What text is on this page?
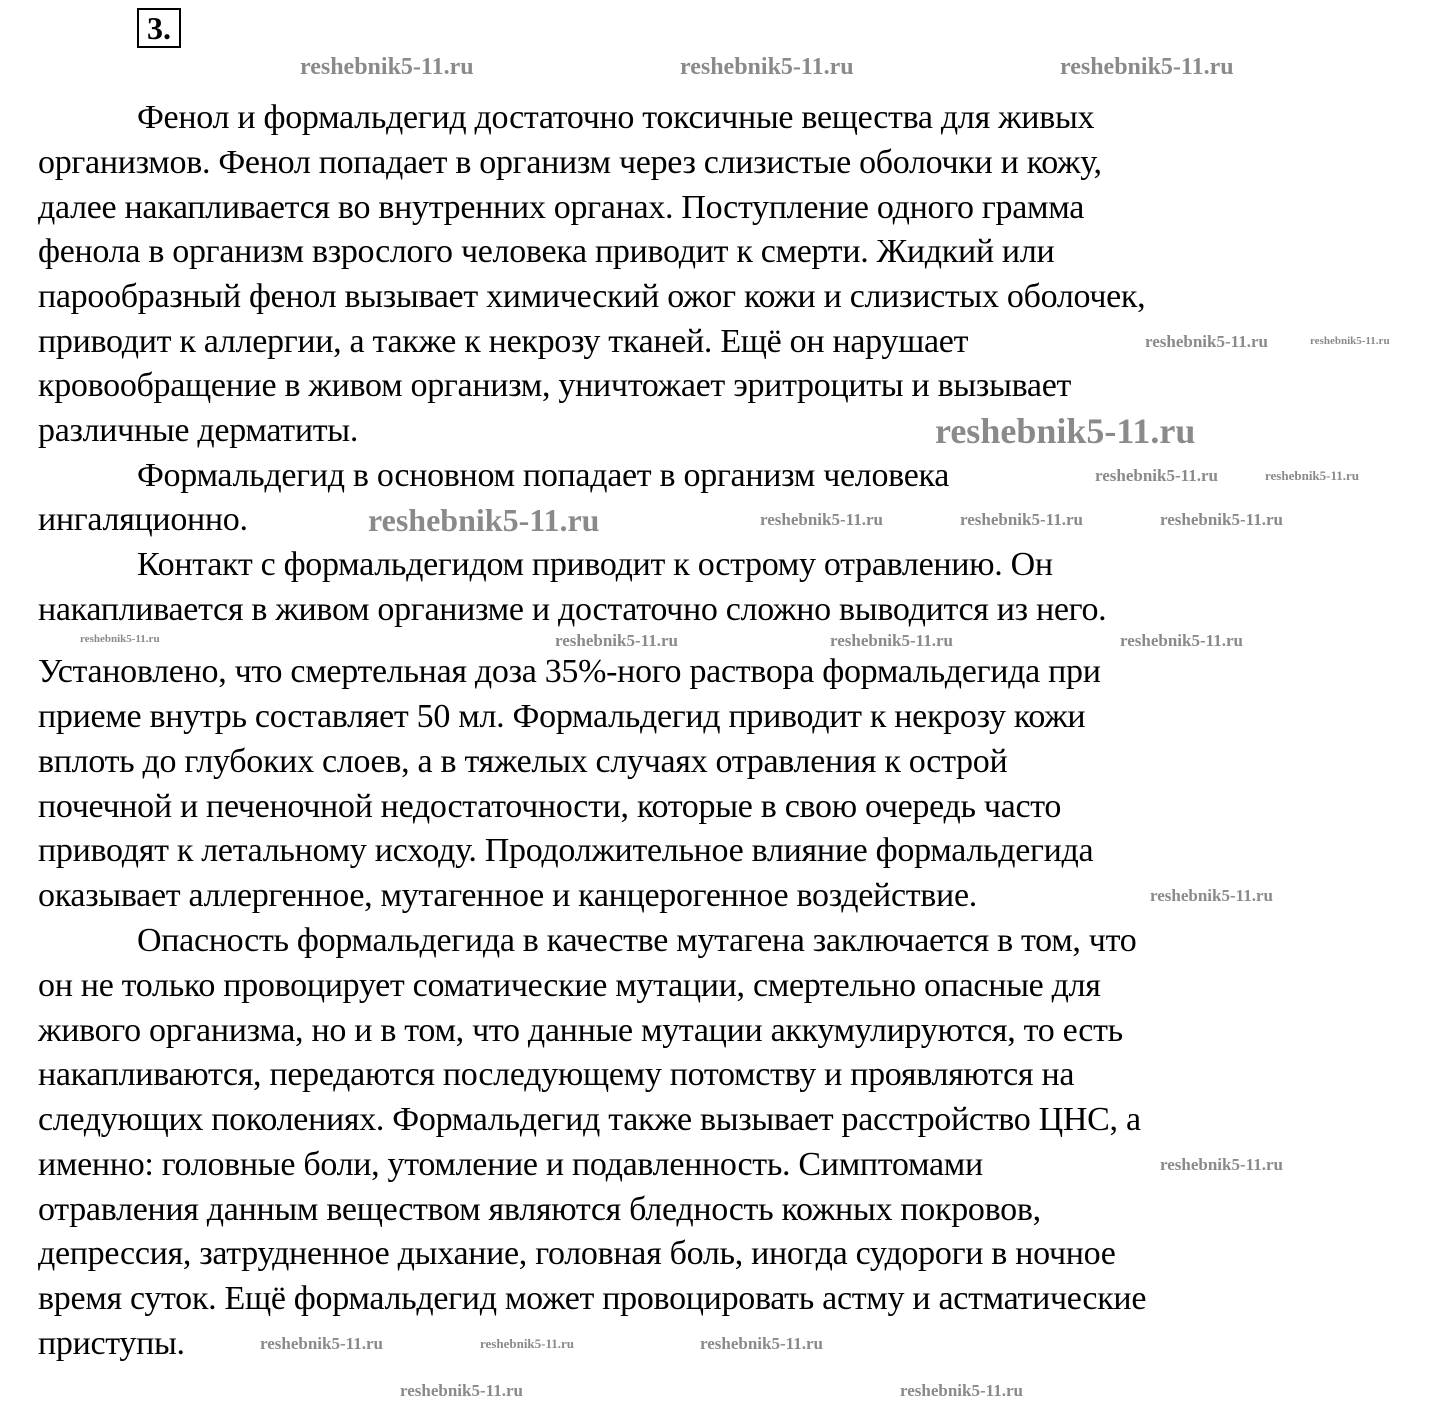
3.
Фенол и формальдегид достаточно токсичные вещества для живых
организмов. Фенол попадает в организм через слизистые оболочки и кожу,
далее накапливается во внутренних органах. Поступление одного грамма
фенола в организм взрослого человека приводит к смерти. Жидкий или
парообразный фенол вызывает химический ожог кожи и слизистых оболочек,
приводит к аллергии, а также к некрозу тканей. Ещё он нарушает
кровообращение в живом организм, уничтожает эритроциты и вызывает
различные дерматиты.
Формальдегид в основном попадает в организм человека
ингаляционно.
Контакт с формальдегидом приводит к острому отравлению. Он
накапливается в живом организме и достаточно сложно выводится из него.
Установлено, что смертельная доза 35%-ного раствора формальдегида при
приеме внутрь составляет 50 мл. Формальдегид приводит к некрозу кожи
вплоть до глубоких слоев, а в тяжелых случаях отравления к острой
почечной и печеночной недостаточности, которые в свою очередь часто
приводят к летальному исходу. Продолжительное влияние формальдегида
оказывает аллергенное, мутагенное и канцерогенное воздействие.
Опасность формальдегида в качестве мутагена заключается в том, что
он не только провоцирует соматические мутации, смертельно опасные для
живого организма, но и в том, что данные мутации аккумулируются, то есть
накапливаются, передаются последующему потомству и проявляются на
следующих поколениях. Формальдегид также вызывает расстройство ЦНС, а
именно: головные боли, утомление и подавленность. Симптомами
отравления данным веществом являются бледность кожных покровов,
депрессия, затрудненное дыхание, головная боль, иногда судороги в ночное
время суток. Ещё формальдегид может провоцировать астму и астматические
приступы.
reshebnik5-11.ru	reshebnik5-11.ru	reshebnik5-11.ru
reshebnik5-11.ru
reshebnik5-11.ru
reshebnik5-11.ru	reshebnik5-11.ru
reshebnik5-11.ru	reshebnik5-11.ru
reshebnik5-11.ru	reshebnik5-11.ru	reshebnik5-11.ru
reshebnik5-11.ru	reshebnik5-11.ru	reshebnik5-11.ru	reshebnik5-11.ru
reshebnik5-11.ru
reshebnik5-11.ru
reshebnik5-11.ru	reshebnik5-11.ru	reshebnik5-11.ru
reshebnik5-11.ru	reshebnik5-11.ru
